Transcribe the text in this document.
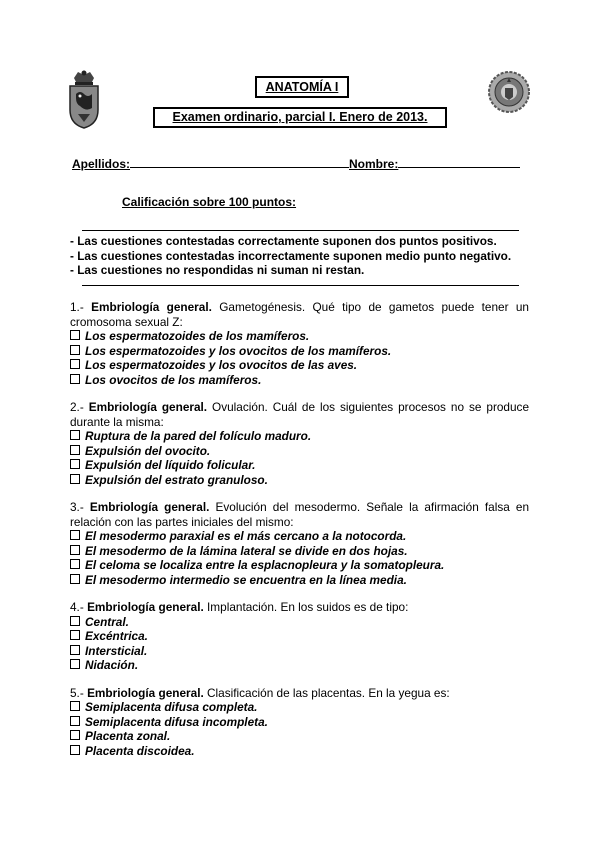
ANATOMÍA I
Examen ordinario, parcial I. Enero de 2013.
Apellidos:	Nombre:
Calificación sobre 100 puntos:
- Las cuestiones contestadas correctamente suponen dos puntos positivos.
- Las cuestiones contestadas incorrectamente suponen medio punto negativo.
- Las cuestiones no respondidas ni suman ni restan.
1.- Embriología general. Gametogénesis. Qué tipo de gametos puede tener un cromosoma sexual Z:
Los espermatozoides de los mamíferos.
Los espermatozoides y los ovocitos de los mamíferos.
Los espermatozoides y los ovocitos de las aves.
Los ovocitos de los mamíferos.
2.- Embriología general. Ovulación. Cuál de los siguientes procesos no se produce durante la misma:
Ruptura de la pared del folículo maduro.
Expulsión del ovocito.
Expulsión del líquido folicular.
Expulsión del estrato granuloso.
3.- Embriología general. Evolución del mesodermo. Señale la afirmación falsa en relación con las partes iniciales del mismo:
El mesodermo paraxial es el más cercano a la notocorda.
El mesodermo de la lámina lateral se divide en dos hojas.
El celoma se localiza entre la esplacnopleura y la somatopleura.
El mesodermo intermedio se encuentra en la línea media.
4.- Embriología general. Implantación. En los suidos es de tipo:
Central.
Excéntrica.
Intersticial.
Nidación.
5.- Embriología general. Clasificación de las placentas. En la yegua es:
Semiplacenta difusa completa.
Semiplacenta difusa incompleta.
Placenta zonal.
Placenta discoidea.
